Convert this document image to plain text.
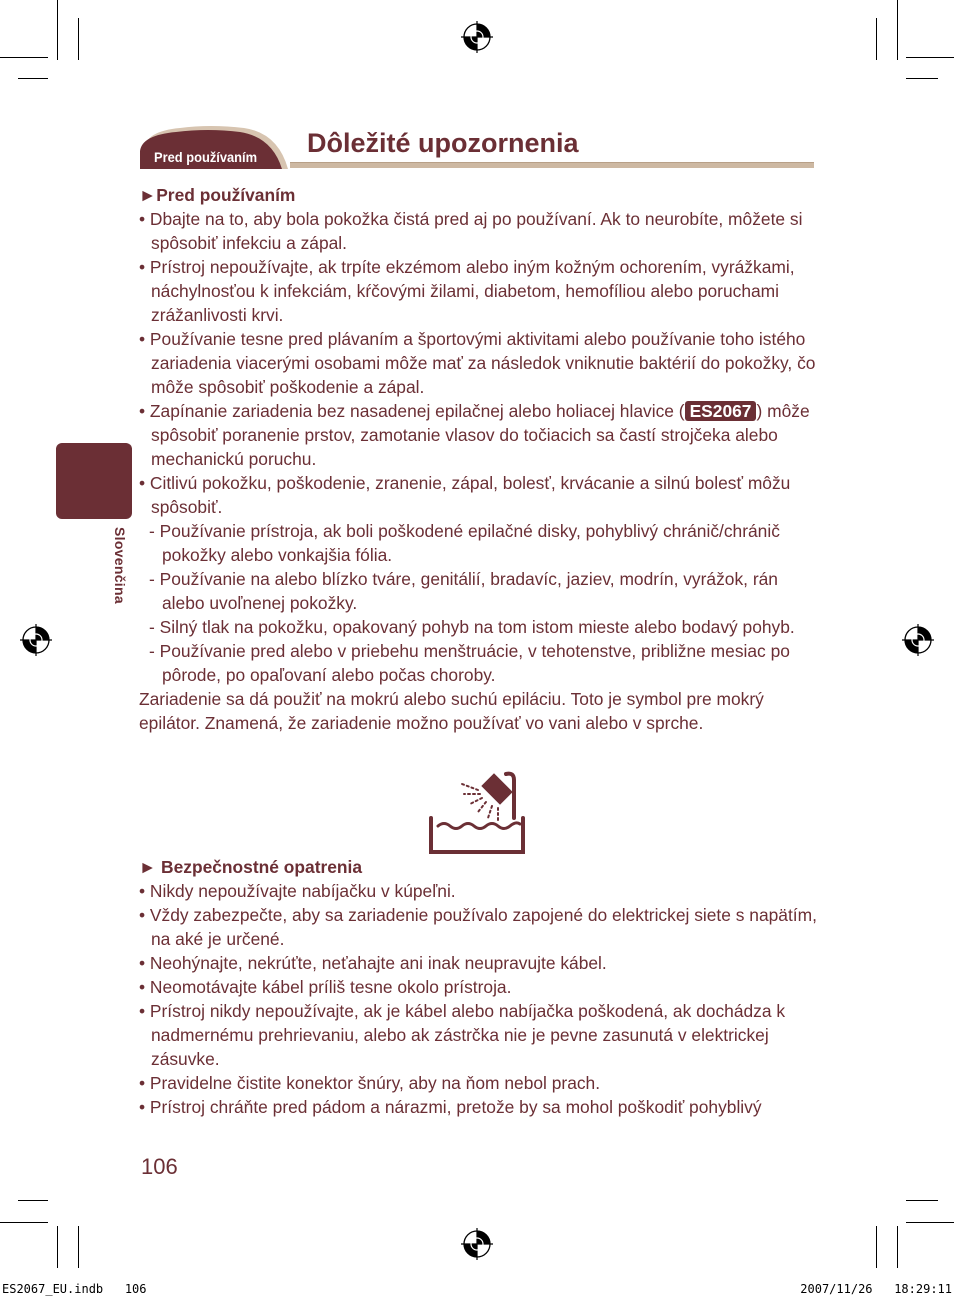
Pred používaním Dôležité upozornenia
Slovenčina
►Pred používaním
• Dbajte na to, aby bola pokožka čistá pred aj po používaní. Ak to neurobíte, môžete si spôsobiť infekciu a zápal.
• Prístroj nepoužívajte, ak trpíte ekzémom alebo iným kožným ochorením, vyrážkami, náchylnosťou k infekciám, kŕčovými žilami, diabetom, hemofíliou alebo poruchami zrážanlivosti krvi.
• Používanie tesne pred plávaním a športovými aktivitami alebo používanie toho istého zariadenia viacerými osobami môže mať za následok vniknutie baktérií do pokožky, čo môže spôsobiť poškodenie a zápal.
• Zapínanie zariadenia bez nasadenej epilačnej alebo holiacej hlavice ( ES2067 ) môže spôsobiť poranenie prstov, zamotanie vlasov do točiacich sa častí strojčeka alebo mechanickú poruchu.
• Citlivú pokožku, poškodenie, zranenie, zápal, bolesť, krvácanie a silnú bolesť môžu spôsobiť.
- Používanie prístroja, ak boli poškodené epilačné disky, pohyblivý chránič/chránič pokožky alebo vonkajšia fólia.
- Používanie na alebo blízko tváre, genitálií, bradavíc, jaziev, modrín, vyrážok, rán alebo uvoľnenej pokožky.
- Silný tlak na pokožku, opakovaný pohyb na tom istom mieste alebo bodavý pohyb.
- Používanie pred alebo v priebehu menštruácie, v tehotenstve, približne mesiac po pôrode, po opaľovaní alebo počas choroby.
Zariadenie sa dá použiť na mokrú alebo suchú epiláciu. Toto je symbol pre mokrý epilátor. Znamená, že zariadenie možno používať vo vani alebo v sprche.
► Bezpečnostné opatrenia
• Nikdy nepoužívajte nabíjačku v kúpeľni.
• Vždy zabezpečte, aby sa zariadenie používalo zapojené do elektrickej siete s napätím, na aké je určené.
• Neohýnajte, nekrúťte, neťahajte ani inak neupravujte kábel.
• Neomotávajte kábel príliš tesne okolo prístroja.
• Prístroj nikdy nepoužívajte, ak je kábel alebo nabíjačka poškodená, ak dochádza k nadmernému prehrievaniu, alebo ak zástrčka nie je pevne zasunutá v elektrickej zásuvke.
• Pravidelne čistite konektor šnúry, aby na ňom nebol prach.
• Prístroj chráňte pred pádom a nárazmi, pretože by sa mohol poškodiť pohyblivý
106
ES2067_EU.indb   106	2007/11/26   18:29:11
